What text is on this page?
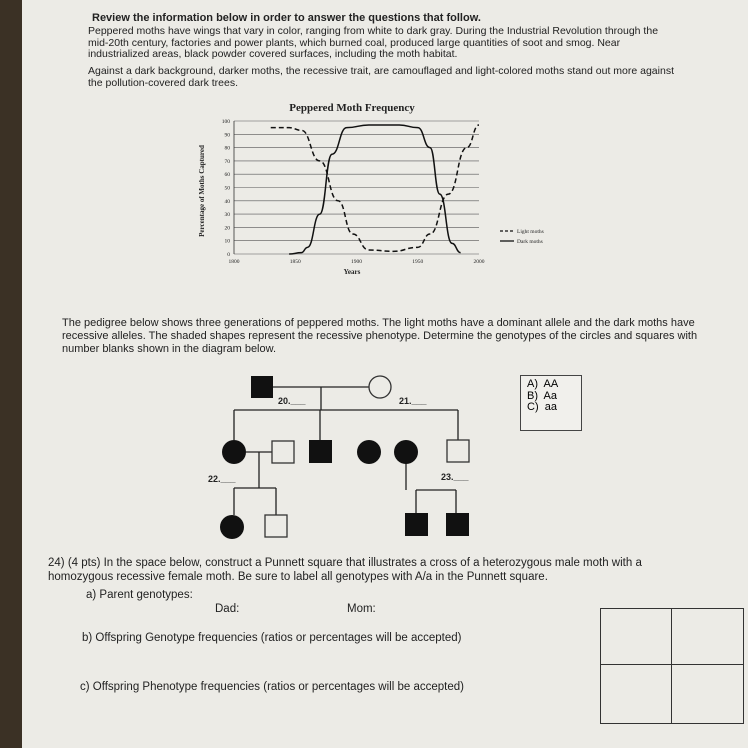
Review the information below in order to answer the questions that follow.
Peppered moths have wings that vary in color, ranging from white to dark gray. During the Industrial Revolution through the mid-20th century, factories and power plants, which burned coal, produced large quantities of soot and smog. Near industrialized areas, black powder covered surfaces, including the moth habitat.
Against a dark background, darker moths, the recessive trait, are camouflaged and light-colored moths stand out more against the pollution-covered dark trees.
Peppered Moth Frequency
0
10
20
30
40
50
60
70
80
90
100
1800	1850	1900	1950	2000
Percentage of Moths Captured
Years
Light moths
Dark moths
The pedigree below shows three generations of peppered moths. The light moths have a dominant allele and the dark moths have recessive alleles. The shaded shapes represent the recessive phenotype. Determine the genotypes of the circles and squares with number blanks shown in the diagram below.
20.___	21.___
22.___	23.___
A)  AA
B)  Aa
C)  aa
24) (4 pts) In the space below, construct a Punnett square that illustrates a cross of a heterozygous male moth with a homozygous recessive female moth. Be sure to label all genotypes with A/a in the Punnett square.
a) Parent genotypes:
Dad:	Mom:
b) Offspring Genotype frequencies (ratios or percentages will be accepted)
c) Offspring Phenotype frequencies (ratios or percentages will be accepted)
